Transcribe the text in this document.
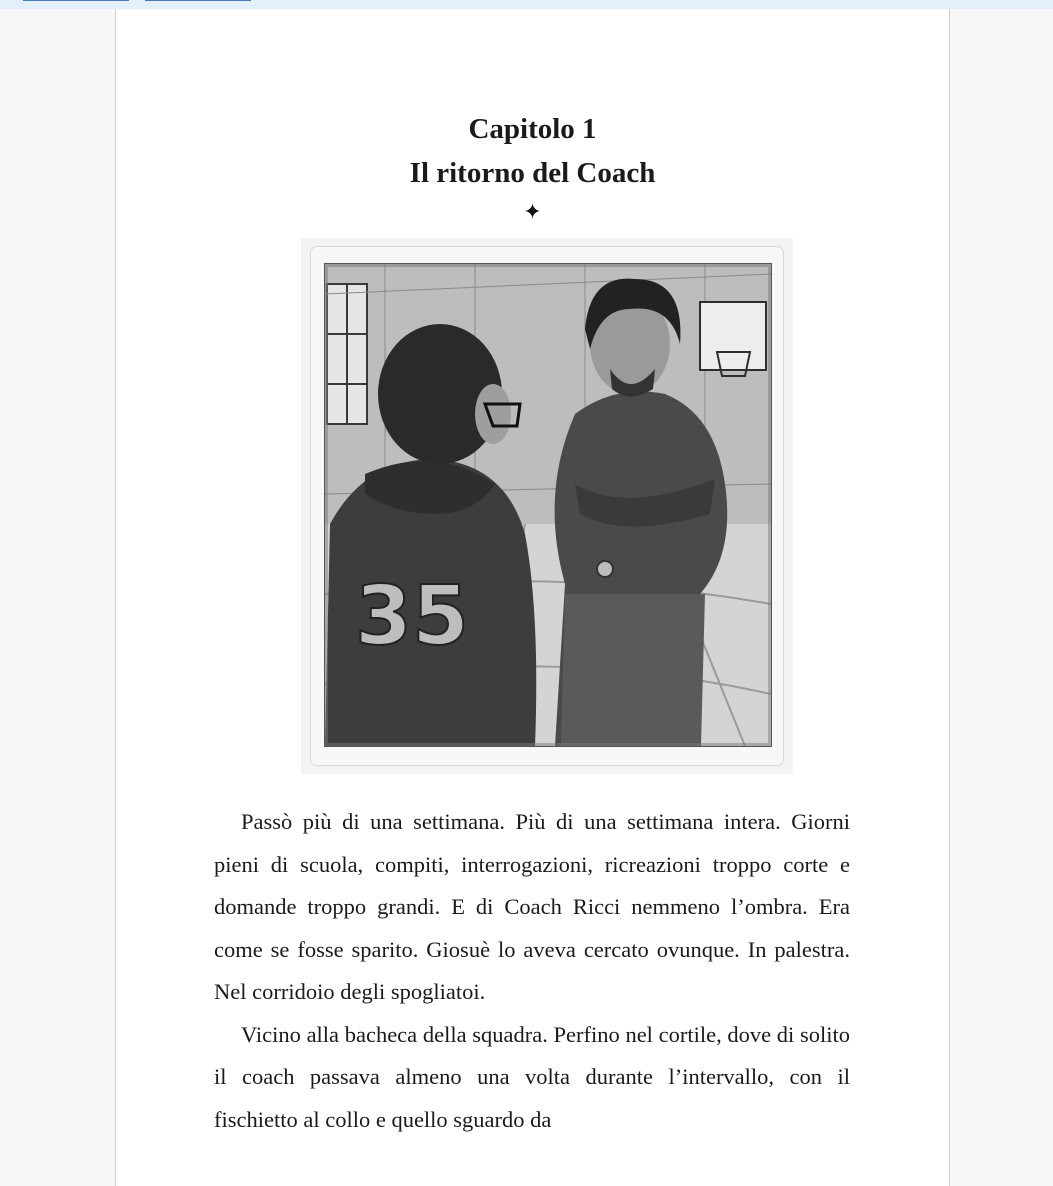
Capitolo 1
Il ritorno del Coach
✦
35

Passò più di una settimana. Più di una settimana intera. Giorni pieni di scuola, compiti, interrogazioni, ricreazioni troppo corte e domande troppo grandi. E di Coach Ricci nemmeno l’ombra. Era come se fosse sparito. Giosuè lo aveva cercato ovunque. In palestra. Nel corridoio degli spogliatoi.

Vicino alla bacheca della squadra. Perfino nel cortile, dove di solito il coach passava almeno una volta durante l’intervallo, con il fischietto al collo e quello sguardo da
